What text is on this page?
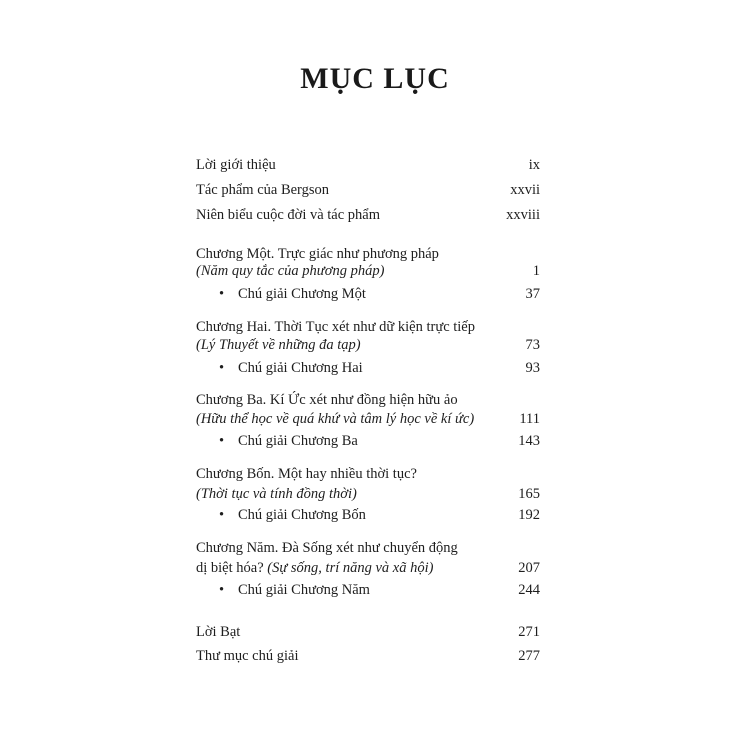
MỤC LỤC
Lời giới thiệu	ix
Tác phẩm của Bergson	xxvii
Niên biểu cuộc đời và tác phẩm	xxviii
Chương Một. Trực giác như phương pháp
(Năm quy tắc của phương pháp)	1
• Chú giải Chương Một	37
Chương Hai. Thời Tục xét như dữ kiện trực tiếp
(Lý Thuyết về những đa tạp)	73
• Chú giải Chương Hai	93
Chương Ba. Kí Ức xét như đồng hiện hữu ảo
(Hữu thể học về quá khứ và tâm lý học về kí ức)	111
• Chú giải Chương Ba	143
Chương Bốn. Một hay nhiều thời tục?
(Thời tục và tính đồng thời)	165
• Chú giải Chương Bốn	192
Chương Năm. Đà Sống xét như chuyển động
dị biệt hóa? (Sự sống, trí năng và xã hội)	207
• Chú giải Chương Năm	244
Lời Bạt	271
Thư mục chú giải	277
